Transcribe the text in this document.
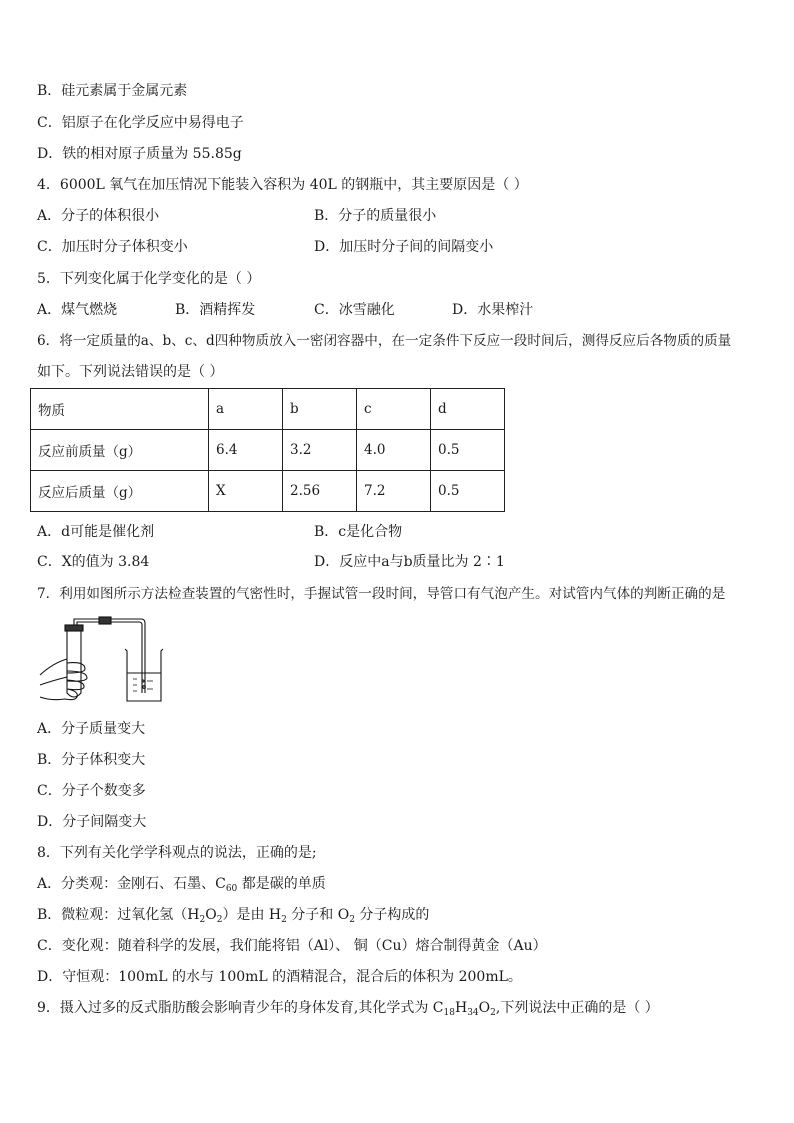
B．硅元素属于金属元素
C．铝原子在化学反应中易得电子
D．铁的相对原子质量为 55.85g
4．6000L 氧气在加压情况下能装入容积为 40L 的钢瓶中，其主要原因是（ ）
A．分子的体积很小	B．分子的质量很小
C．加压时分子体积变小	D．加压时分子间的间隔变小
5．下列变化属于化学变化的是（ ）
A．煤气燃烧	B．酒精挥发	C．冰雪融化	D．水果榨汁
6．将一定质量的a、b、c、d四种物质放入一密闭容器中，在一定条件下反应一段时间后，测得反应后各物质的质量
如下。下列说法错误的是（ ）
物质	a	b	c	d
反应前质量（g）	6.4	3.2	4.0	0.5
反应后质量（g）	X	2.56	7.2	0.5
A．d可能是催化剂	B．c是化合物
C．X的值为 3.84	D．反应中a与b质量比为 2∶1
7．利用如图所示方法检查装置的气密性时，手握试管一段时间，导管口有气泡产生。对试管内气体的判断正确的是
A．分子质量变大
B．分子体积变大
C．分子个数变多
D．分子间隔变大
8．下列有关化学学科观点的说法，正确的是;
A．分类观：金刚石、石墨、$C_{60}$ 都是碳的单质
B．微粒观：过氧化氢$(H_2O_2)$是由 $H_2$ 分子和 $O_2$ 分子构成的
C．变化观：随着科学的发展，我们能将铝（Al）、 铜（Cu）熔合制得黄金（Au）
D．守恒观：100mL 的水与 100mL 的酒精混合，混合后的体积为 200mL。
9．摄入过多的反式脂肪酸会影响青少年的身体发育,其化学式为 $C_{18}H_{34}O_2$,下列说法中正确的是（ ）
